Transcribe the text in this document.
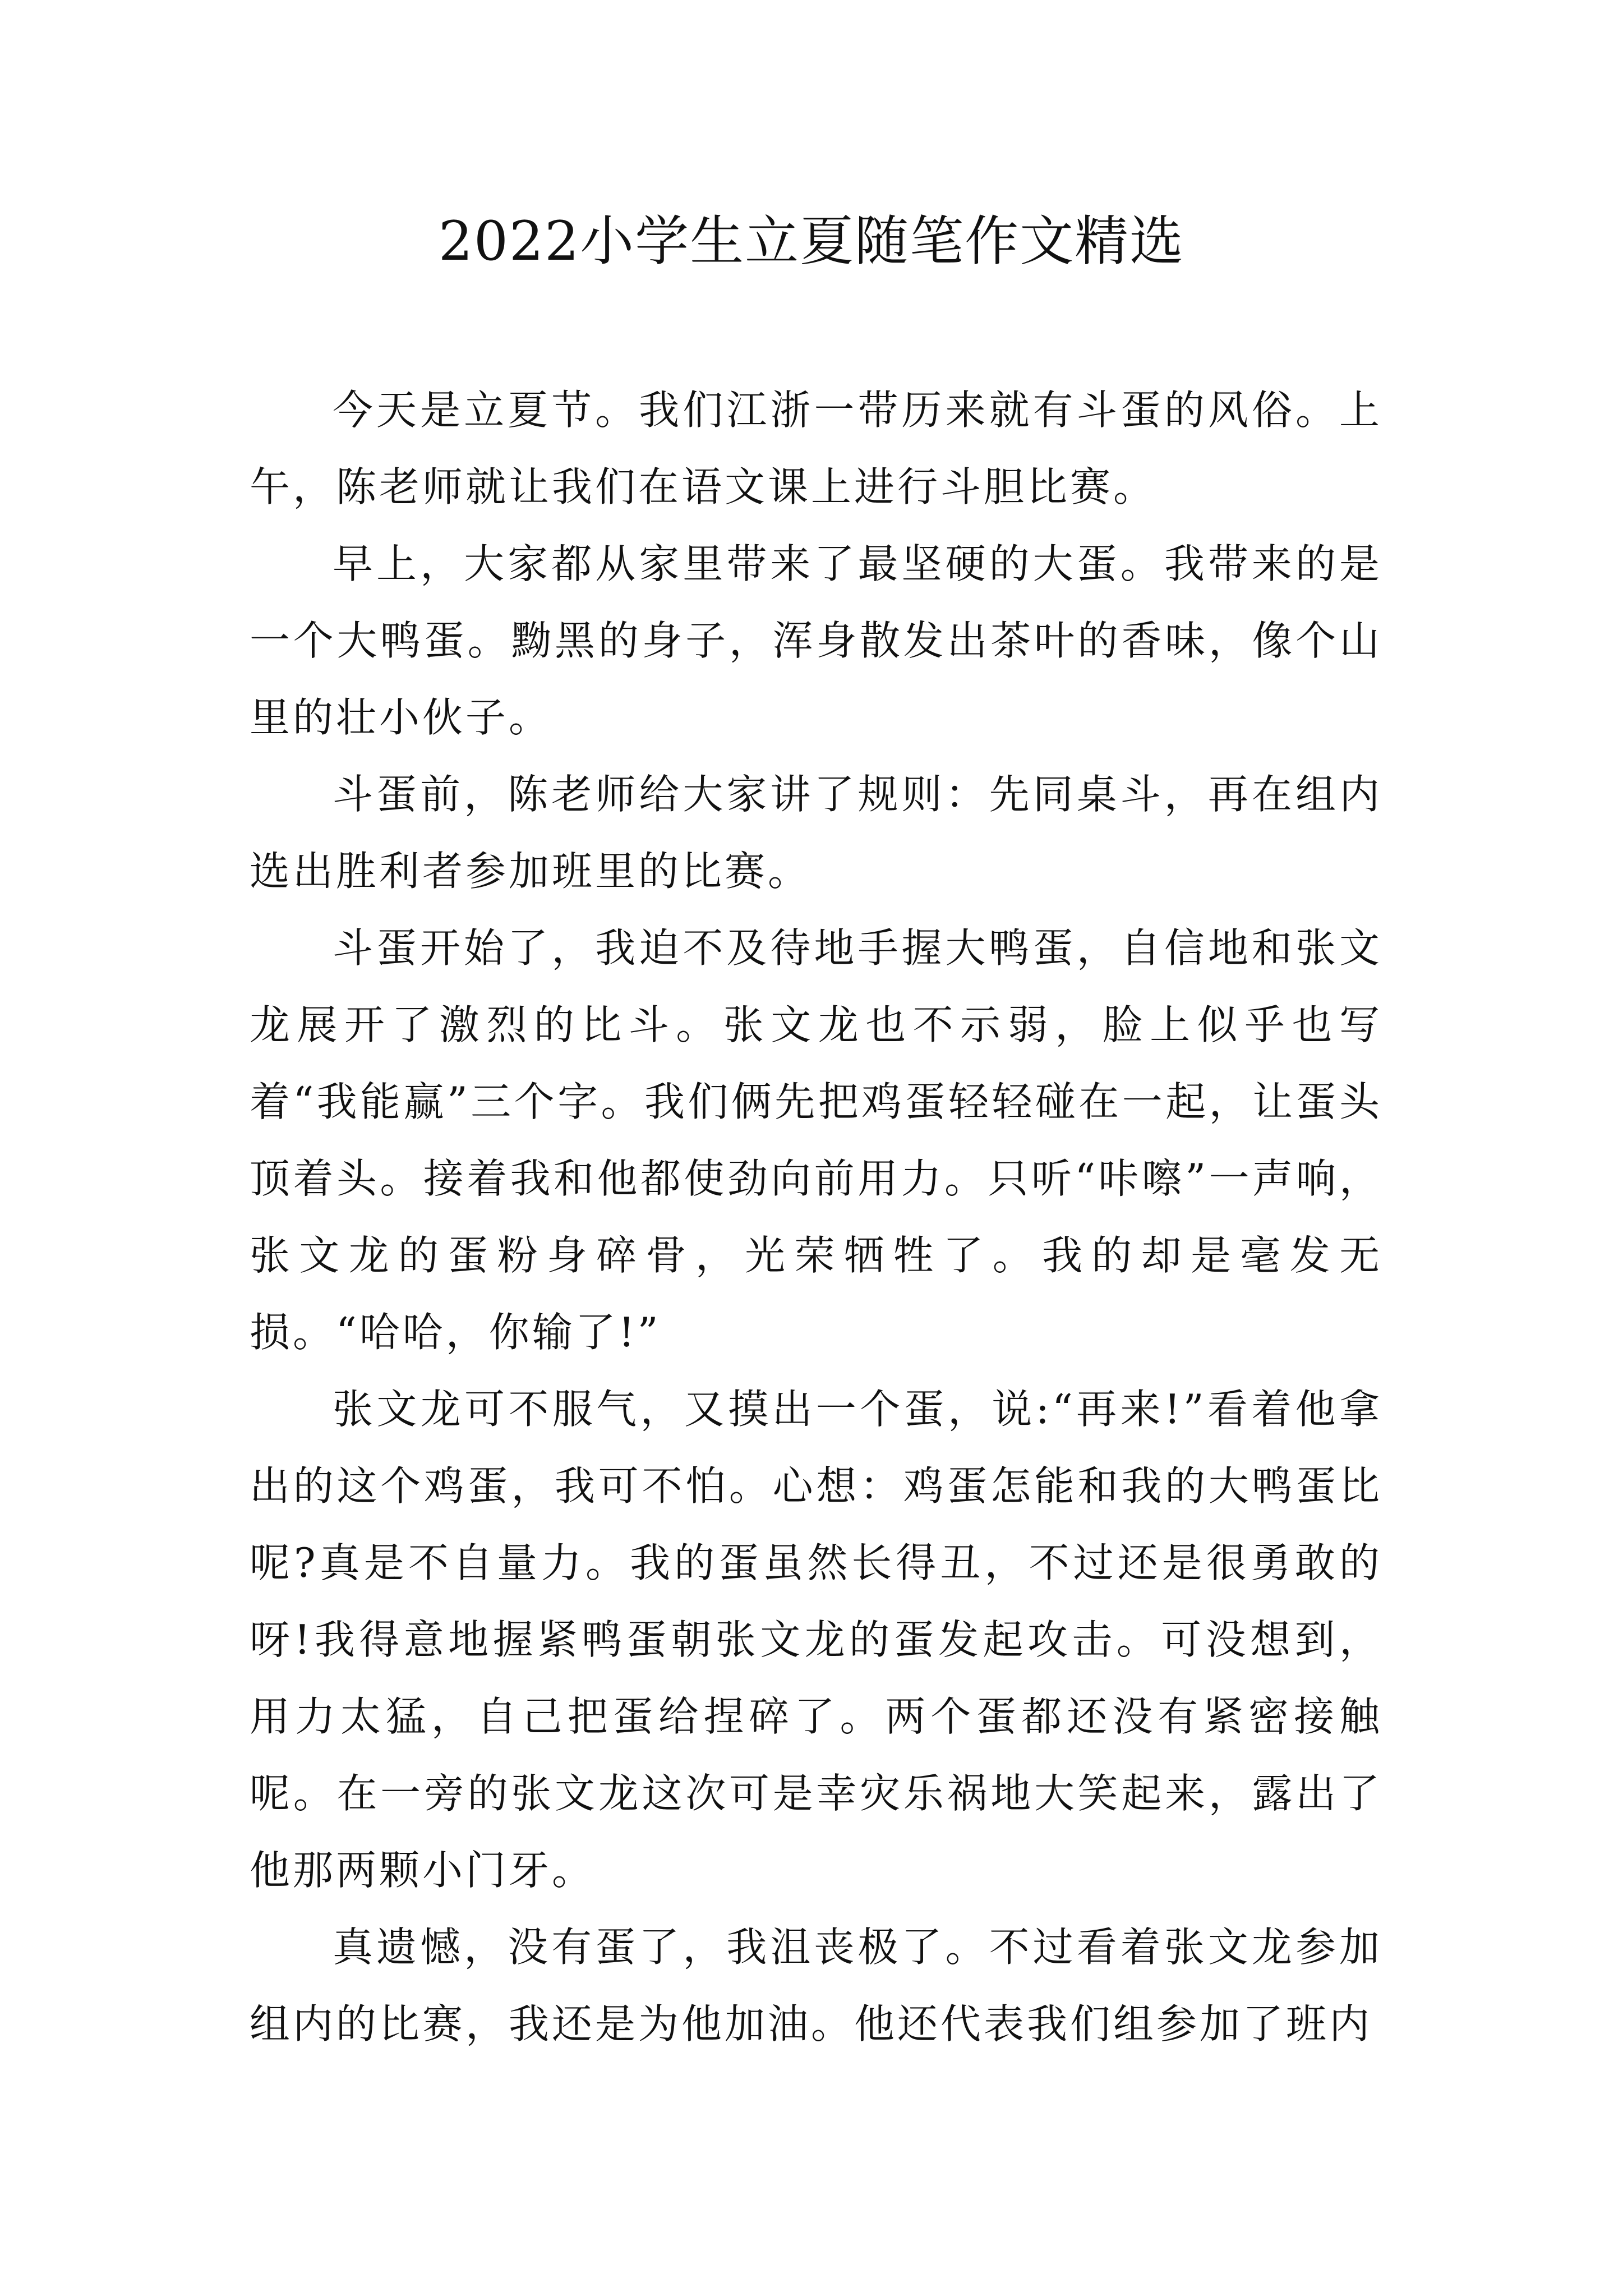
2022小学生立夏随笔作文精选

今天是立夏节。我们江浙一带历来就有斗蛋的风俗。上午，陈老师就让我们在语文课上进行斗胆比赛。

早上，大家都从家里带来了最坚硬的大蛋。我带来的是一个大鸭蛋。黝黑的身子，浑身散发出茶叶的香味，像个山里的壮小伙子。

斗蛋前，陈老师给大家讲了规则：先同桌斗，再在组内选出胜利者参加班里的比赛。

斗蛋开始了，我迫不及待地手握大鸭蛋，自信地和张文龙展开了激烈的比斗。张文龙也不示弱，脸上似乎也写着“我能赢”三个字。我们俩先把鸡蛋轻轻碰在一起，让蛋头顶着头。接着我和他都使劲向前用力。只听“咔嚓”一声响，张文龙的蛋粉身碎骨，光荣牺牲了。我的却是毫发无损。“哈哈，你输了!”

张文龙可不服气，又摸出一个蛋，说:“再来!”看着他拿出的这个鸡蛋，我可不怕。心想：鸡蛋怎能和我的大鸭蛋比呢?真是不自量力。我的蛋虽然长得丑，不过还是很勇敢的呀!我得意地握紧鸭蛋朝张文龙的蛋发起攻击。可没想到，用力太猛，自己把蛋给捏碎了。两个蛋都还没有紧密接触呢。在一旁的张文龙这次可是幸灾乐祸地大笑起来，露出了他那两颗小门牙。

真遗憾，没有蛋了，我沮丧极了。不过看着张文龙参加组内的比赛，我还是为他加油。他还代表我们组参加了班内
